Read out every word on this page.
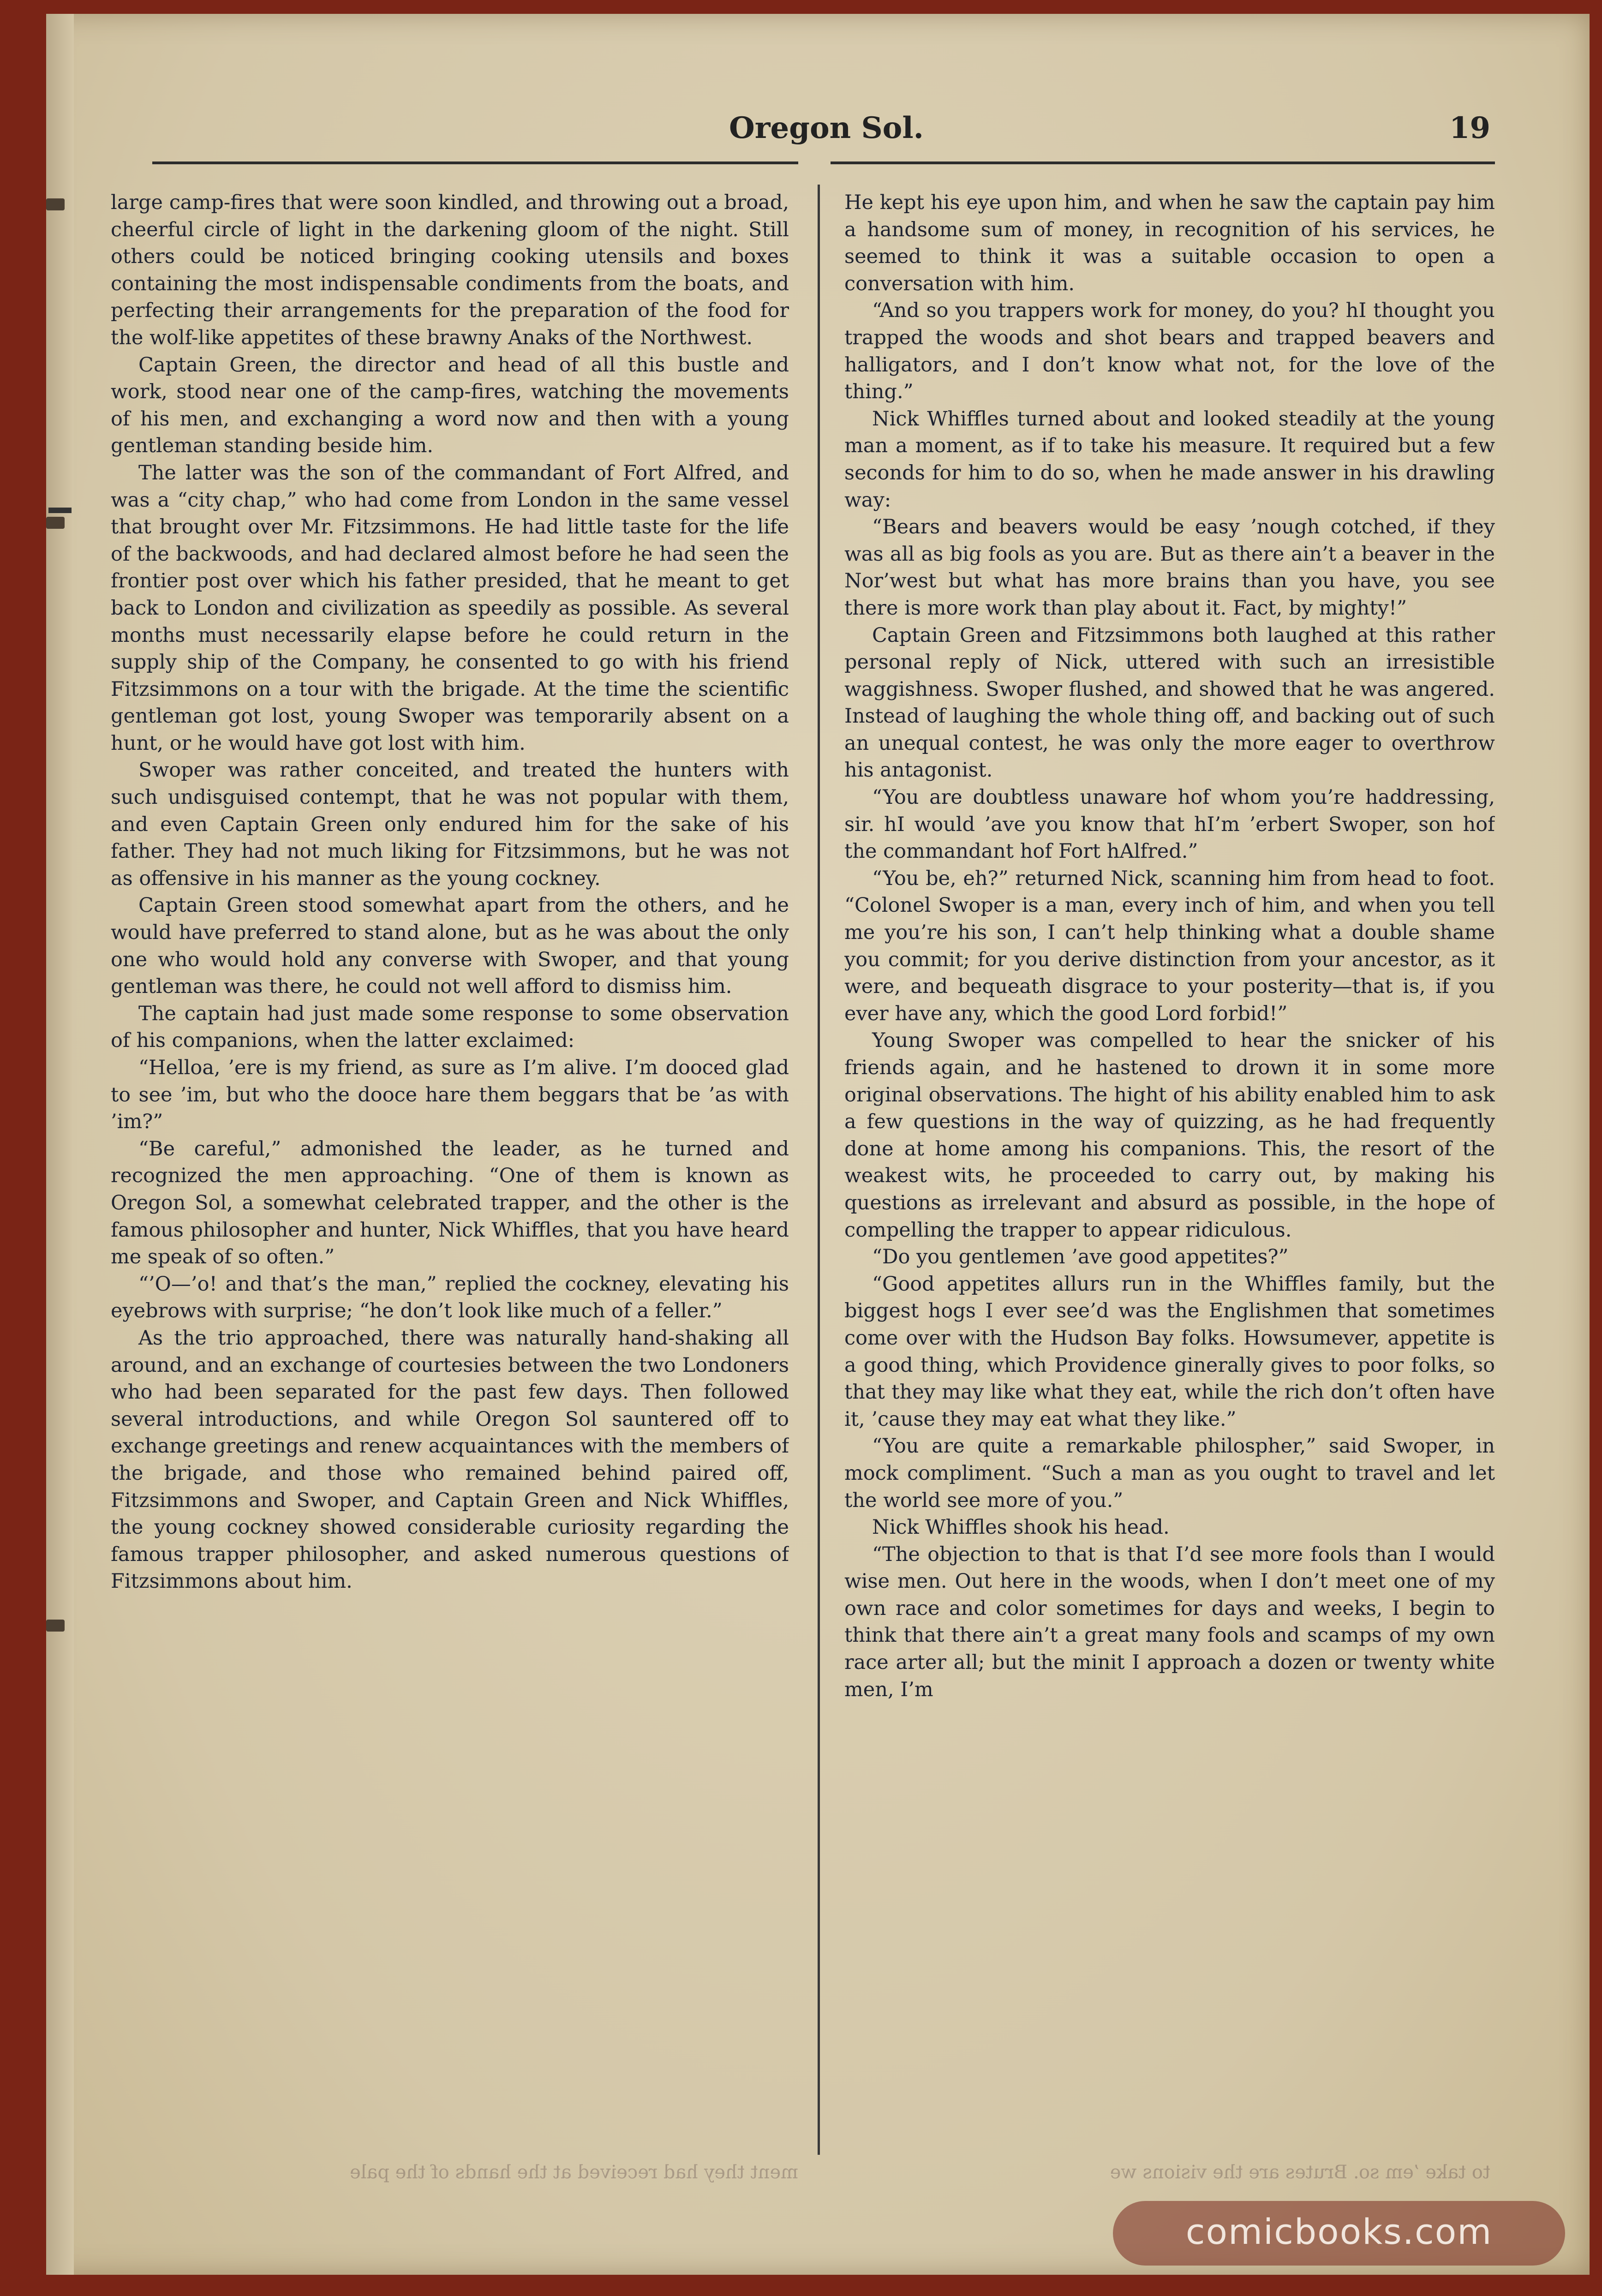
Oregon Sol.	19

large camp-fires that were soon kindled, and throwing out a broad, cheerful circle of light in the darkening gloom of the night. Still others could be noticed bringing cooking utensils and boxes containing the most indispensable condiments from the boats, and perfecting their arrangements for the preparation of the food for the wolf-like appetites of these brawny Anaks of the Northwest.

Captain Green, the director and head of all this bustle and work, stood near one of the camp-fires, watching the movements of his men, and exchanging a word now and then with a young gentleman standing beside him.

The latter was the son of the commandant of Fort Alfred, and was a “city chap,” who had come from London in the same vessel that brought over Mr. Fitzsimmons. He had little taste for the life of the backwoods, and had declared almost before he had seen the frontier post over which his father presided, that he meant to get back to London and civilization as speedily as possible. As several months must necessarily elapse before he could return in the supply ship of the Company, he consented to go with his friend Fitzsimmons on a tour with the brigade. At the time the scientific gentleman got lost, young Swoper was temporarily absent on a hunt, or he would have got lost with him.

Swoper was rather conceited, and treated the hunters with such undisguised contempt, that he was not popular with them, and even Captain Green only endured him for the sake of his father. They had not much liking for Fitzsimmons, but he was not as offensive in his manner as the young cockney.

Captain Green stood somewhat apart from the others, and he would have preferred to stand alone, but as he was about the only one who would hold any converse with Swoper, and that young gentleman was there, he could not well afford to dismiss him.

The captain had just made some response to some observation of his companions, when the latter exclaimed:

“Helloa, ’ere is my friend, as sure as I’m alive. I’m dooced glad to see ’im, but who the dooce hare them beggars that be ’as with ’im?”

“Be careful,” admonished the leader, as he turned and recognized the men approaching. “One of them is known as Oregon Sol, a somewhat celebrated trapper, and the other is the famous philosopher and hunter, Nick Whiffles, that you have heard me speak of so often.”

“’O—’o! and that’s the man,” replied the cockney, elevating his eyebrows with surprise; “he don’t look like much of a feller.”

As the trio approached, there was naturally hand-shaking all around, and an exchange of courtesies between the two Londoners who had been separated for the past few days. Then followed several introductions, and while Oregon Sol sauntered off to exchange greetings and renew acquaintances with the members of the brigade, and those who remained behind paired off, Fitzsimmons and Swoper, and Captain Green and Nick Whiffles, the young cockney showed considerable curiosity regarding the famous trapper philosopher, and asked numerous questions of Fitzsimmons about him.

He kept his eye upon him, and when he saw the captain pay him a handsome sum of money, in recognition of his services, he seemed to think it was a suitable occasion to open a conversation with him.

“And so you trappers work for money, do you? hI thought you trapped the woods and shot bears and trapped beavers and halligators, and I don’t know what not, for the love of the thing.”

Nick Whiffles turned about and looked steadily at the young man a moment, as if to take his measure. It required but a few seconds for him to do so, when he made answer in his drawling way:

“Bears and beavers would be easy ’nough cotched, if they was all as big fools as you are. But as there ain’t a beaver in the Nor’west but what has more brains than you have, you see there is more work than play about it. Fact, by mighty!”

Captain Green and Fitzsimmons both laughed at this rather personal reply of Nick, uttered with such an irresistible waggishness. Swoper flushed, and showed that he was angered. Instead of laughing the whole thing off, and backing out of such an unequal contest, he was only the more eager to overthrow his antagonist.

“You are doubtless unaware hof whom you’re haddressing, sir. hI would ’ave you know that hI’m ’erbert Swoper, son hof the commandant hof Fort hAlfred.”

“You be, eh?” returned Nick, scanning him from head to foot. “Colonel Swoper is a man, every inch of him, and when you tell me you’re his son, I can’t help thinking what a double shame you commit; for you derive distinction from your ancestor, as it were, and bequeath disgrace to your posterity—that is, if you ever have any, which the good Lord forbid!”

Young Swoper was compelled to hear the snicker of his friends again, and he hastened to drown it in some more original observations. The hight of his ability enabled him to ask a few questions in the way of quizzing, as he had frequently done at home among his companions. This, the resort of the weakest wits, he proceeded to carry out, by making his questions as irrelevant and absurd as possible, in the hope of compelling the trapper to appear ridiculous.

“Do you gentlemen ’ave good appetites?”

“Good appetites allurs run in the Whiffles family, but the biggest hogs I ever see’d was the Englishmen that sometimes come over with the Hudson Bay folks. Howsumever, appetite is a good thing, which Providence ginerally gives to poor folks, so that they may like what they eat, while the rich don’t often have it, ’cause they may eat what they like.”

“You are quite a remarkable philospher,” said Swoper, in mock compliment. “Such a man as you ought to travel and let the world see more of you.”

Nick Whiffles shook his head.

“The objection to that is that I’d see more fools than I would wise men. Out here in the woods, when I don’t meet one of my own race and color sometimes for days and weeks, I begin to think that there ain’t a great many fools and scamps of my own race arter all; but the minit I approach a dozen or twenty white men, I’m

ment they had received at the hands of the pale	to take ’em so. Brutes are the visions we
comicbooks.com
